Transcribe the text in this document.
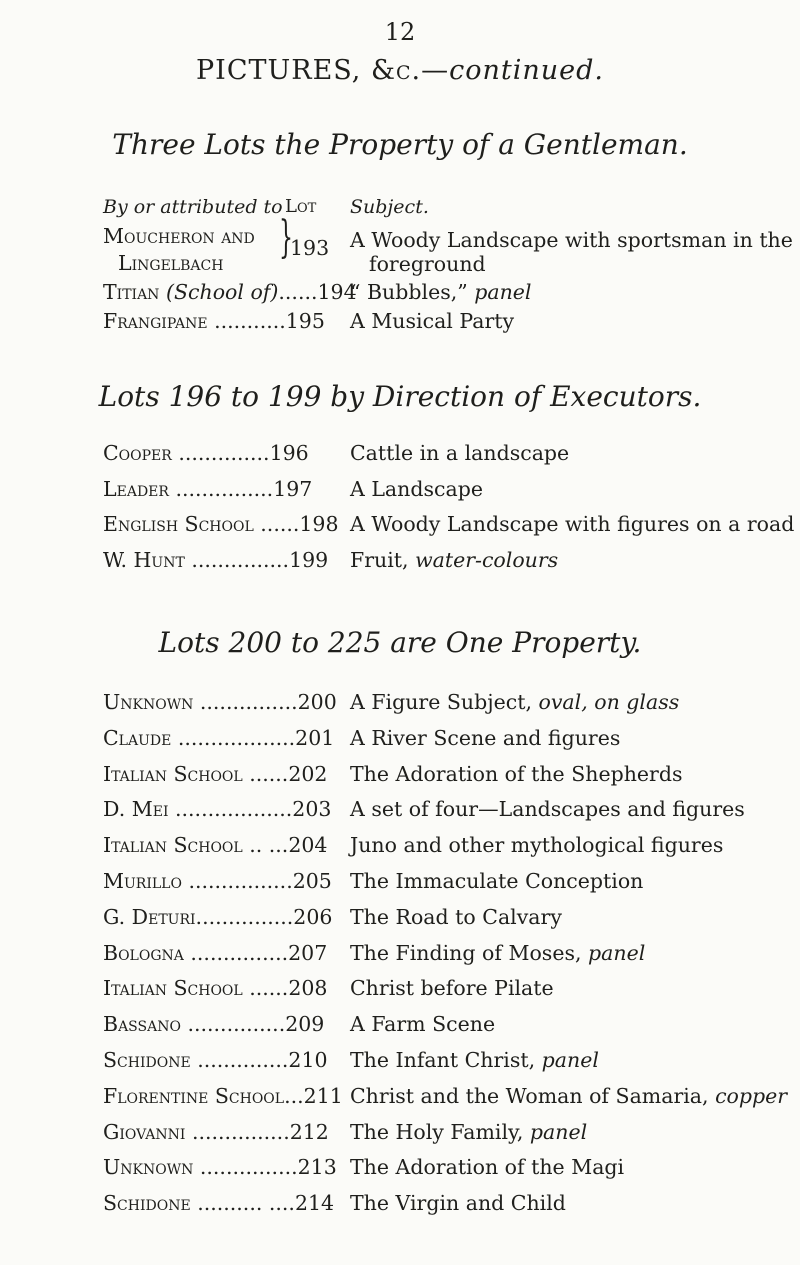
12
PICTURES, &c.—continued.
Three Lots the Property of a Gentleman.
By or attributed to Lot Subject.
Moucheron and
Lingelbach }
193 A Woody Landscape with sportsman in the
foreground
Titian (School of)......194
“ Bubbles,” panel
Frangipane ...........195 A Musical Party
Lots 196 to 199 by Direction of Executors.
Cooper ..............196 Cattle in a landscape
Leader ...............197 A Landscape
English School ......198 A Woody Landscape with figures on a road
W. Hunt ...............199 Fruit, water-colours
Lots 200 to 225 are One Property.
Unknown ...............200 A Figure Subject, oval, on glass
Claude ..................201 A River Scene and figures
Italian School ......202 The Adoration of the Shepherds
D. Mei ..................203 A set of four—Landscapes and figures
Italian School .. ...204 Juno and other mythological figures
Murillo ................205 The Immaculate Conception
G. Deturi...............206 The Road to Calvary
Bologna ...............207 The Finding of Moses, panel
Italian School ......208 Christ before Pilate
Bassano ...............209 A Farm Scene
Schidone ..............210 The Infant Christ, panel
Florentine School...211 Christ and the Woman of Samaria, copper
Giovanni ...............212 The Holy Family, panel
Unknown ...............213 The Adoration of the Magi
Schidone .......... ....214 The Virgin and Child
